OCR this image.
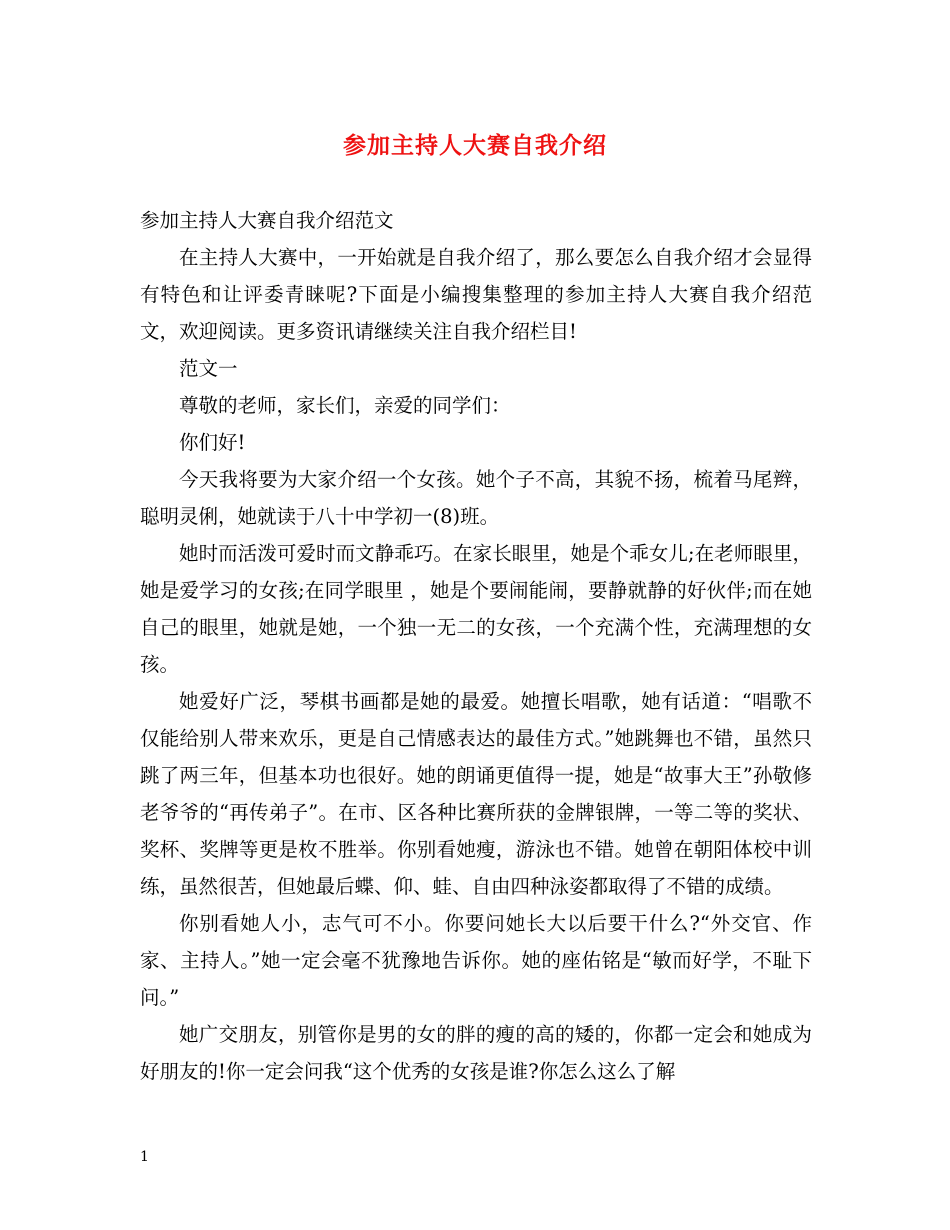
参加主持人大赛自我介绍

参加主持人大赛自我介绍范文

在主持人大赛中，一开始就是自我介绍了，那么要怎么自我介绍才会显得有特色和让评委青睐呢?下面是小编搜集整理的参加主持人大赛自我介绍范文，欢迎阅读。更多资讯请继续关注自我介绍栏目!

范文一

尊敬的老师，家长们，亲爱的同学们：

你们好!

今天我将要为大家介绍一个女孩。她个子不高，其貌不扬，梳着马尾辫，聪明灵俐，她就读于八十中学初一(8)班。

她时而活泼可爱时而文静乖巧。在家长眼里，她是个乖女儿;在老师眼里，她是爱学习的女孩;在同学眼里 ，她是个要闹能闹，要静就静的好伙伴;而在她自己的眼里，她就是她，一个独一无二的女孩，一个充满个性，充满理想的女孩。

她爱好广泛，琴棋书画都是她的最爱。她擅长唱歌，她有话道：“唱歌不仅能给别人带来欢乐，更是自己情感表达的最佳方式。”她跳舞也不错，虽然只跳了两三年，但基本功也很好。她的朗诵更值得一提，她是“故事大王”孙敬修老爷爷的“再传弟子”。在市、区各种比赛所获的金牌银牌，一等二等的奖状、奖杯、奖牌等更是枚不胜举。你别看她瘦，游泳也不错。她曾在朝阳体校中训练，虽然很苦，但她最后蝶、仰、蛙、自由四种泳姿都取得了不错的成绩。

你别看她人小，志气可不小。你要问她长大以后要干什么?“外交官、作家、主持人。”她一定会毫不犹豫地告诉你。她的座佑铭是“敏而好学，不耻下问。”

她广交朋友，别管你是男的女的胖的瘦的高的矮的，你都一定会和她成为好朋友的!你一定会问我“这个优秀的女孩是谁?你怎么这么了解

1
